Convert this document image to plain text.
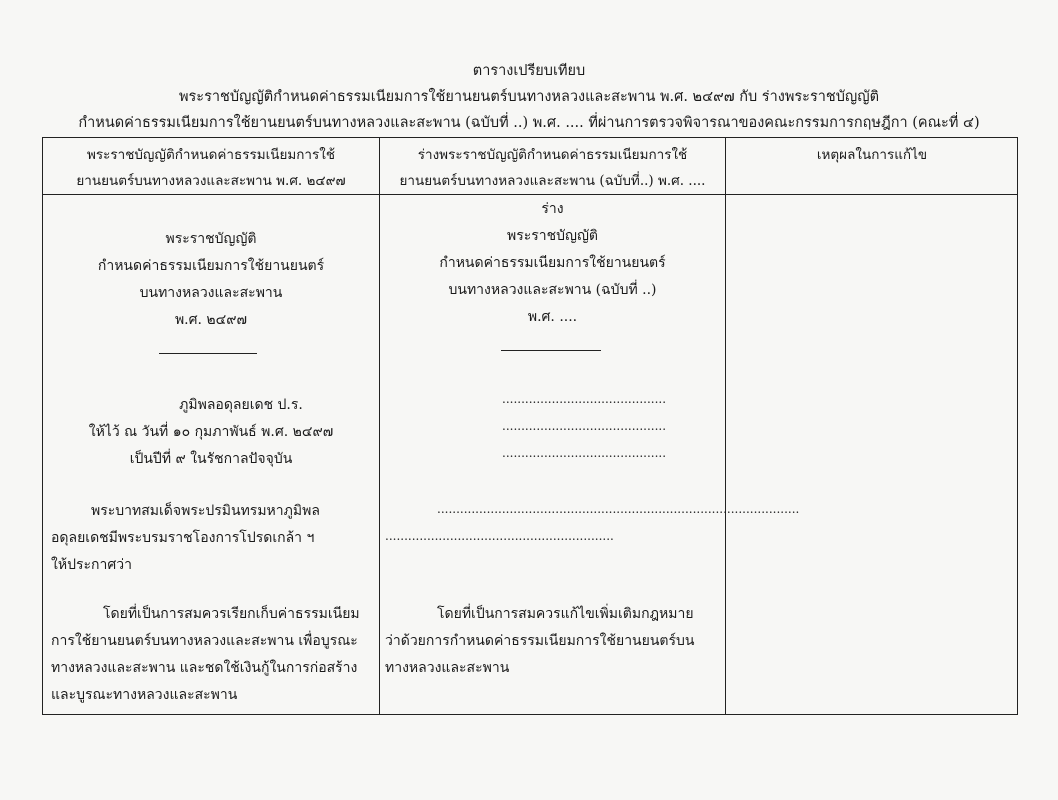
ตารางเปรียบเทียบ
พระราชบัญญัติกำหนดค่าธรรมเนียมการใช้ยานยนตร์บนทางหลวงและสะพาน พ.ศ. ๒๔๙๗ กับ ร่างพระราชบัญญัติ
กำหนดค่าธรรมเนียมการใช้ยานยนตร์บนทางหลวงและสะพาน (ฉบับที่ ..) พ.ศ. .... ที่ผ่านการตรวจพิจารณาของคณะกรรมการกฤษฎีกา (คณะที่ ๔)
พระราชบัญญัติกำหนดค่าธรรมเนียมการใช้
ยานยนตร์บนทางหลวงและสะพาน พ.ศ. ๒๔๙๗
ร่างพระราชบัญญัติกำหนดค่าธรรมเนียมการใช้
ยานยนตร์บนทางหลวงและสะพาน (ฉบับที่..) พ.ศ. ....
เหตุผลในการแก้ไข
พระราชบัญญัติ
กำหนดค่าธรรมเนียมการใช้ยานยนตร์
บนทางหลวงและสะพาน
พ.ศ. ๒๔๙๗
ภูมิพลอดุลยเดช ป.ร.
ให้ไว้ ณ วันที่ ๑๐ กุมภาพันธ์ พ.ศ. ๒๔๙๗
เป็นปีที่ ๙ ในรัชกาลปัจจุบัน
พระบาทสมเด็จพระปรมินทรมหาภูมิพล
อดุลยเดชมีพระบรมราชโองการโปรดเกล้า ฯ
ให้ประกาศว่า
โดยที่เป็นการสมควรเรียกเก็บค่าธรรมเนียม
การใช้ยานยนตร์บนทางหลวงและสะพาน เพื่อบูรณะ
ทางหลวงและสะพาน และชดใช้เงินกู้ในการก่อสร้าง
และบูรณะทางหลวงและสะพาน
ร่าง
พระราชบัญญัติ
กำหนดค่าธรรมเนียมการใช้ยานยนตร์
บนทางหลวงและสะพาน (ฉบับที่ ..)
พ.ศ. ....
...........................................
...........................................
...........................................
...............................................................................................
............................................................
โดยที่เป็นการสมควรแก้ไขเพิ่มเติมกฎหมาย
ว่าด้วยการกำหนดค่าธรรมเนียมการใช้ยานยนตร์บน
ทางหลวงและสะพาน
